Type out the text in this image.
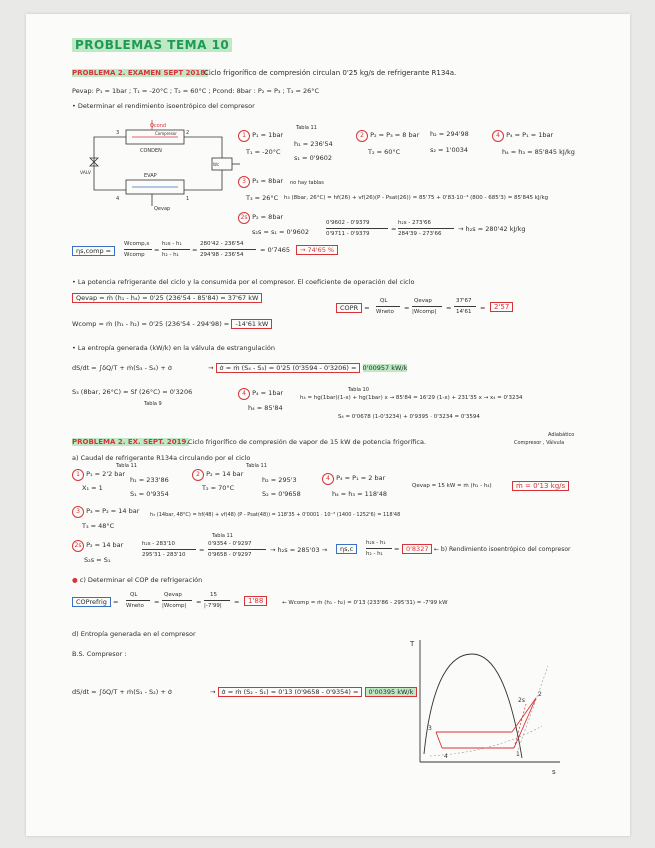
PROBLEMAS TEMA 10
PROBLEMA 2. EXAMEN SEPT 2018.
Ciclo frigorífico de compresión circulan 0'25 kg/s de refrigerante R134a.
Pevap: P₁ = 1bar ; T₁ = -20°C ; T₂ = 60°C ; Pcond: 8bar : P₂ = P₃ ; T₃ = 26°C
• Determinar el rendimiento isoentrópico del compresor
Qcond
Compresor
CONDEN
EVAP
VALV
Wc
Qevap
2
3
4	1
1 P₁ = 1bar
Tabla 11
T₁ = -20°C
h₁ = 236'54
s₁ = 0'9602
2 P₂ = P₃ = 8 bar
T₂ = 60°C
h₂ = 294'98
s₂ = 1'0034
4 P₄ = P₁ = 1bar
h₄ = h₃ = 85'845 kJ/kg
3 P₃ = 8bar no hay tablas
T₃ = 26°C h₃ (8bar, 26°C) = hf(26) + vf(26)(P - Psat(26)) = 85'75 + 0'83·10⁻³ (800 - 685'3) = 85'845 kJ/kg
2s P₂ = 8bar
s₂s = s₁ = 0'9602
0'9602 - 0'9379
0'9711 - 0'9379
=
h₂s - 273'66
284'39 - 273'66
→ h₂s = 280'42 kJ/kg
ηs,comp =
Wcomp,s
Wcomp
=
h₂s - h₁
h₂ - h₁
=
280'42 - 236'54
294'98 - 236'54
= 0'7465	→ 74'65 %
• La potencia refrigerante del ciclo y la consumida por el compresor. El coeficiente de operación del ciclo
Qevap = ṁ (h₁ - h₄) = 0'25 (236'54 - 85'84) = 37'67 kW
Wcomp = ṁ (h₁ - h₂) = 0'25 (236'54 - 294'98) = -14'61 kW
COPR =
QL
Wneto =
Qevap
|Wcomp| =
37'67
14'61 =	2'57
• La entropía generada (kW/k) en la válvula de estrangulación
dS/dt = ∫δQ/T + ṁ(S₃ - S₄) + σ̇	→ σ̇ = ṁ (S₄ - S₃) = 0'25 (0'3594 - 0'3206) = 0'00957 kW/k
S₃ (8bar, 26°C) ≈ Sf (26°C) = 0'3206
Tabla 9
4 P₄ = 1bar
h₄ = 85'84
Tabla 10
h₄ = hg(1bar)(1-x) + hg(1bar) x → 85'84 = 16'29 (1-x) + 231'35 x → x₄ = 0'3234
S₄ = 0'0678 (1-0'3234) + 0'9395 · 0'3234 = 0'3594
PROBLEMA 2. EX. SEPT. 2019.
Ciclo frigorífico de compresión de vapor de 15 kW de potencia frigorífica.
Adiabático
Compresor , Válvula
a) Caudal de refrigerante R134a circulando por el ciclo
1 P₁ = 2'2 bar
Tabla 11
X₁ = 1
h₁ = 233'86
S₁ = 0'9354
2 P₂ = 14 bar
Tabla 11
T₂ = 70°C
h₂ = 295'3
S₂ = 0'9658
4 P₄ = P₁ = 2 bar
h₄ = h₃ = 118'48
Qevap = 15 kW = ṁ (h₁ - h₄)	ṁ = 0'13 kg/s
3 P₃ = P₂ = 14 bar
T₃ = 48°C
h₃ (14bar, 48°C) = hf(48) + vf(48) (P - Psat(48)) = 118'35 + 0'0001 · 10⁻³ (1400 - 1252'6) = 118'48
2s P₂ = 14 bar
S₂s = S₁
Tabla 11
h₂s - 283'10
295'31 - 283'10
=
0'9354 - 0'9297
0'9658 - 0'9297
→ h₂s = 285'03 →	ηs,c
h₂s - h₁
h₂ - h₁
=	0'8327 ← b) Rendimiento isoentrópico del compresor
● c) Determinar el COP de refrigeración
COPrefrig =
QL
Wneto =
Qevap
|Wcomp| =
15
|-7'99| =	1'88	← Wcomp = ṁ (h₁ - h₂) = 0'13 (233'86 - 295'31) = -7'99 kW
d) Entropía generada en el compresor
B.S. Compresor :
dS/dt = ∫δQ/T + ṁ(S₁ - S₂) + σ̇	→ σ̇ = ṁ (S₂ - S₁) = 0'13 (0'9658 - 0'9354) = 0'00395 kW/k
T
s
3
4	1
2
2s
